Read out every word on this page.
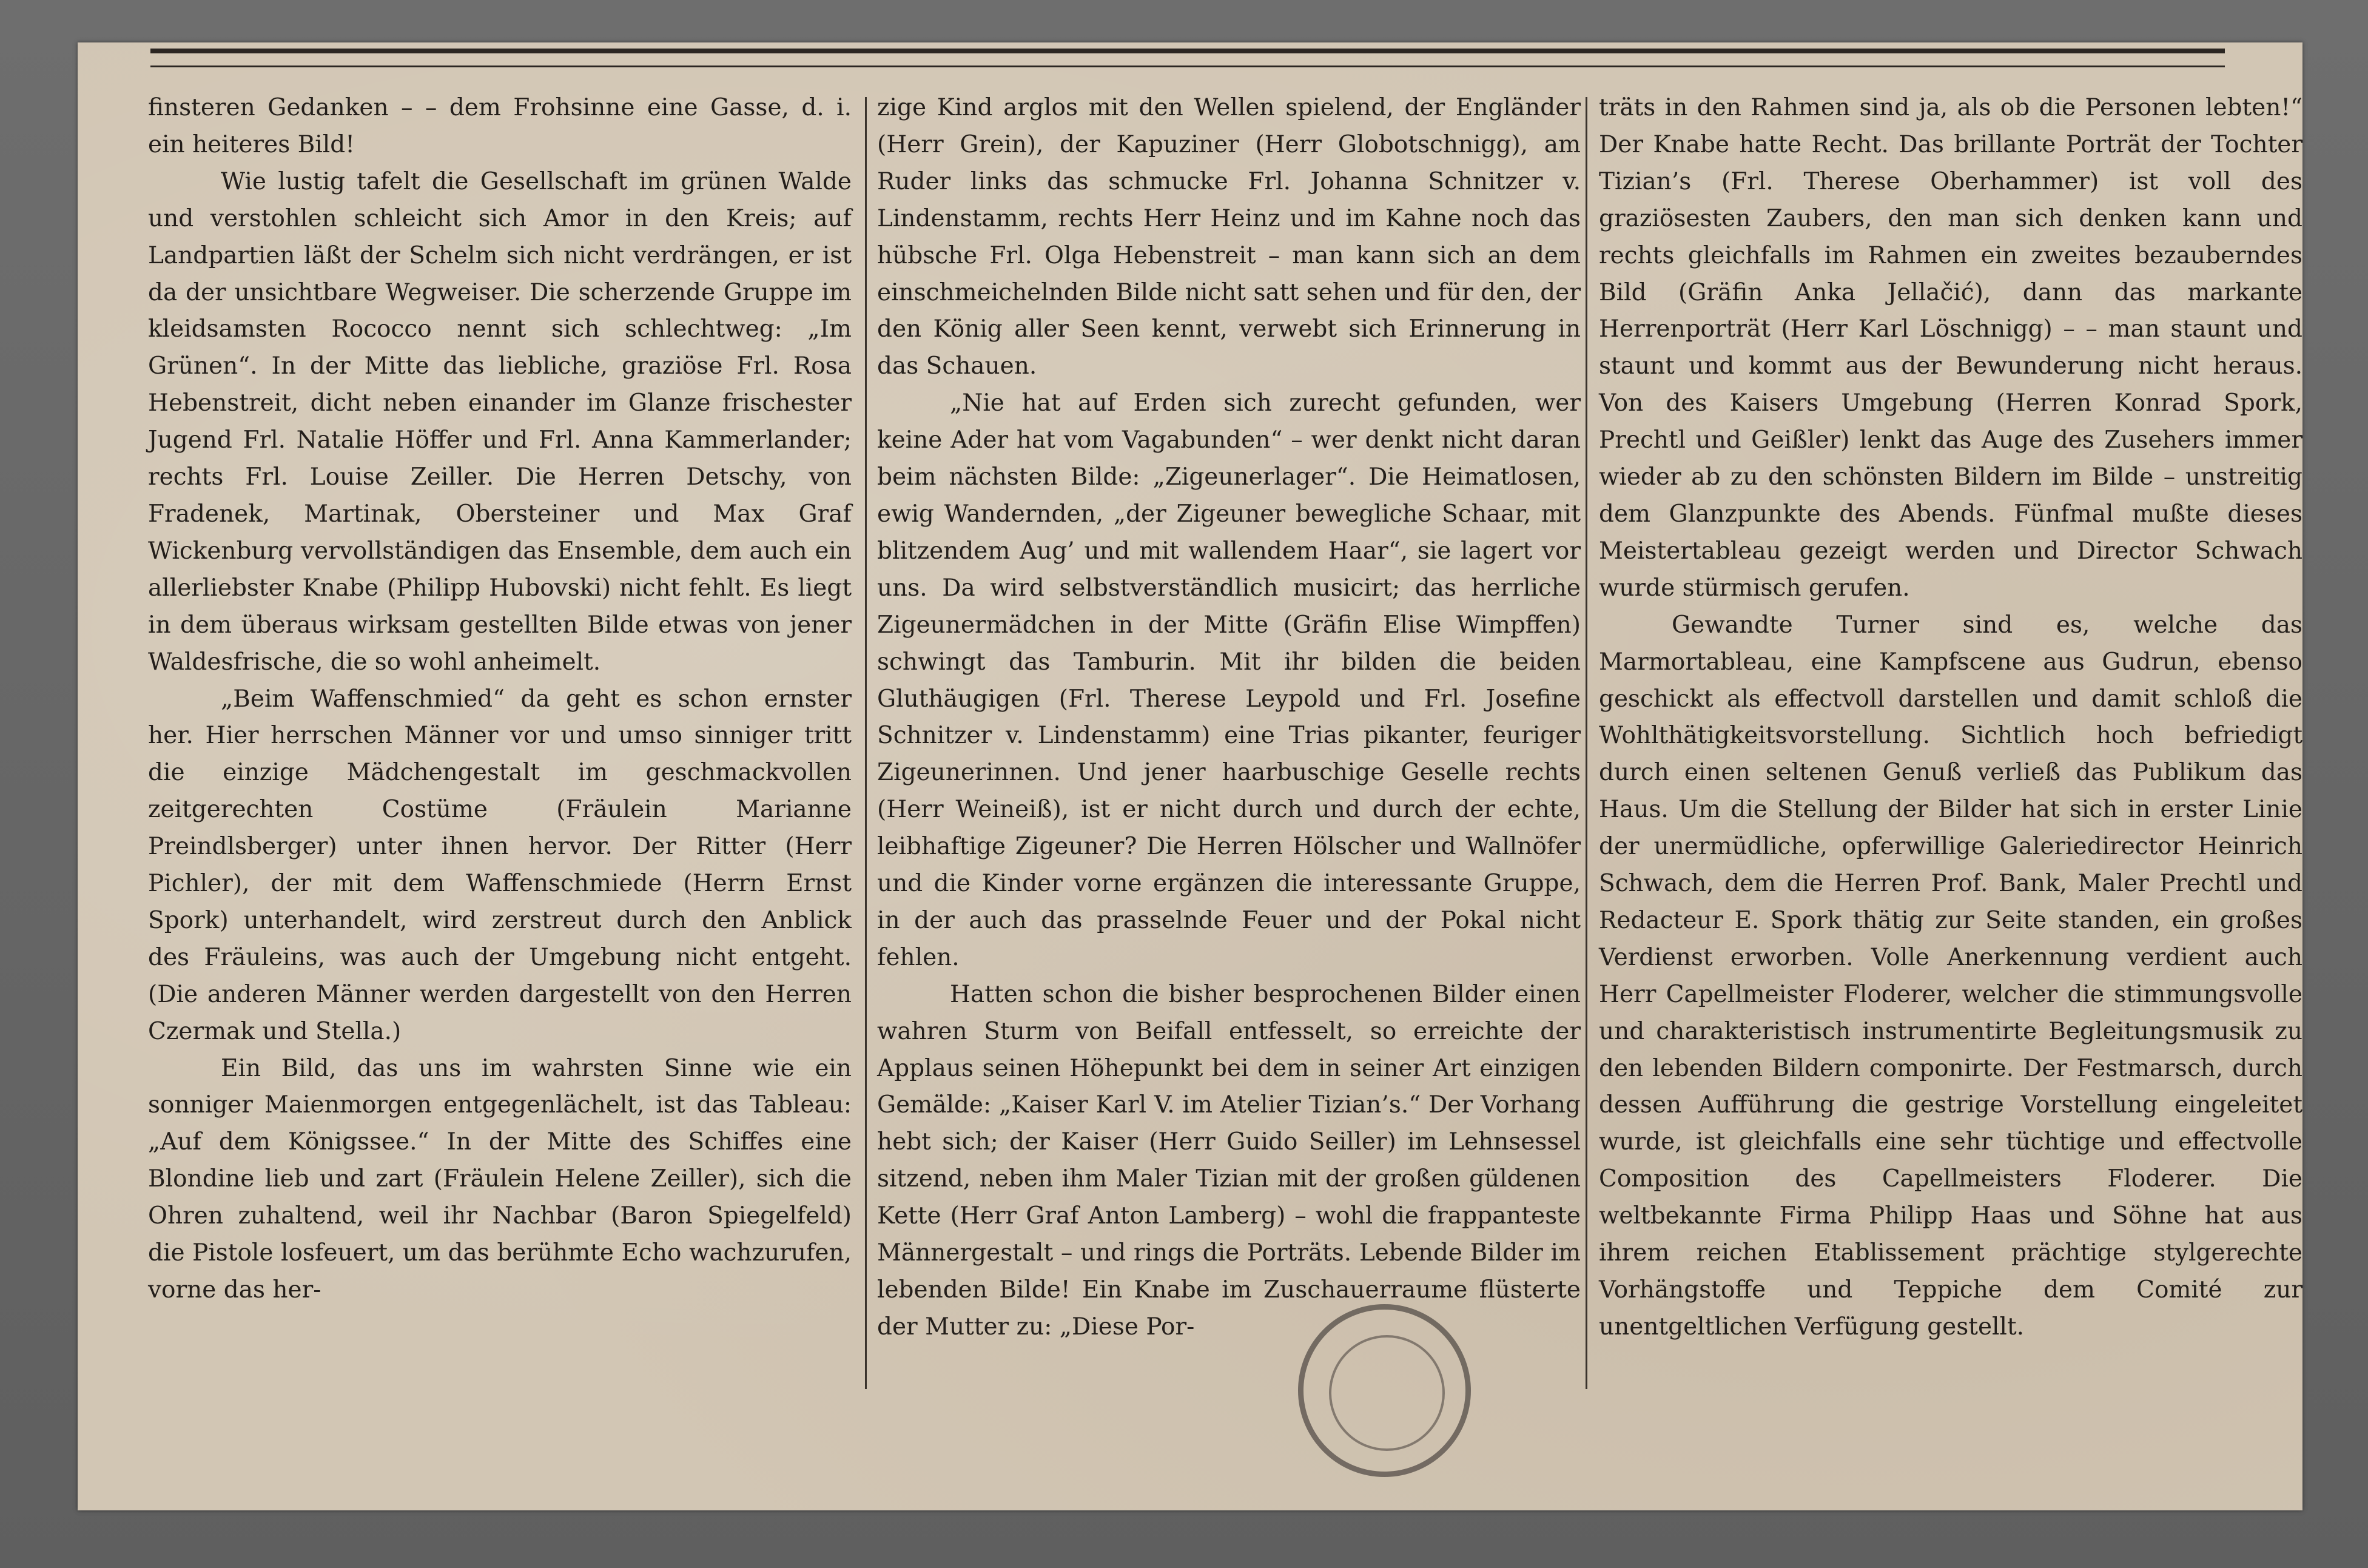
finsteren Gedanken – – dem Frohsinne eine Gasse, d. i. ein heiteres Bild!

Wie lustig tafelt die Gesellschaft im grünen Walde und verstohlen schleicht sich Amor in den Kreis; auf Landpartien läßt der Schelm sich nicht verdrängen, er ist da der unsichtbare Wegweiser. Die scherzende Gruppe im kleidsamsten Rococco nennt sich schlechtweg: „Im Grünen“. In der Mitte das liebliche, graziöse Frl. Rosa Hebenstreit, dicht neben einander im Glanze frischester Jugend Frl. Natalie Höffer und Frl. Anna Kammerlander; rechts Frl. Louise Zeiller. Die Herren Detschy, von Fradenek, Martinak, Obersteiner und Max Graf Wickenburg vervollständigen das Ensemble, dem auch ein allerliebster Knabe (Philipp Hubovski) nicht fehlt. Es liegt in dem überaus wirksam gestellten Bilde etwas von jener Waldesfrische, die so wohl anheimelt.

„Beim Waffenschmied“ da geht es schon ernster her. Hier herrschen Männer vor und umso sinniger tritt die einzige Mädchengestalt im geschmackvollen zeitgerechten Costüme (Fräulein Marianne Preindlsberger) unter ihnen hervor. Der Ritter (Herr Pichler), der mit dem Waffenschmiede (Herrn Ernst Spork) unterhandelt, wird zerstreut durch den Anblick des Fräuleins, was auch der Umgebung nicht entgeht. (Die anderen Männer werden dargestellt von den Herren Czermak und Stella.)

Ein Bild, das uns im wahrsten Sinne wie ein sonniger Maienmorgen entgegenlächelt, ist das Tableau: „Auf dem Königssee.“ In der Mitte des Schiffes eine Blondine lieb und zart (Fräulein Helene Zeiller), sich die Ohren zuhaltend, weil ihr Nachbar (Baron Spiegelfeld) die Pistole losfeuert, um das berühmte Echo wachzurufen, vorne das her-

zige Kind arglos mit den Wellen spielend, der Engländer (Herr Grein), der Kapuziner (Herr Globotschnigg), am Ruder links das schmucke Frl. Johanna Schnitzer v. Lindenstamm, rechts Herr Heinz und im Kahne noch das hübsche Frl. Olga Hebenstreit – man kann sich an dem einschmeichelnden Bilde nicht satt sehen und für den, der den König aller Seen kennt, verwebt sich Erinnerung in das Schauen.

„Nie hat auf Erden sich zurecht gefunden, wer keine Ader hat vom Vagabunden“ – wer denkt nicht daran beim nächsten Bilde: „Zigeunerlager“. Die Heimatlosen, ewig Wandernden, „der Zigeuner bewegliche Schaar, mit blitzendem Aug’ und mit wallendem Haar“, sie lagert vor uns. Da wird selbstverständlich musicirt; das herrliche Zigeunermädchen in der Mitte (Gräfin Elise Wimpffen) schwingt das Tamburin. Mit ihr bilden die beiden Gluthäugigen (Frl. Therese Leypold und Frl. Josefine Schnitzer v. Lindenstamm) eine Trias pikanter, feuriger Zigeunerinnen. Und jener haarbuschige Geselle rechts (Herr Weineiß), ist er nicht durch und durch der echte, leibhaftige Zigeuner? Die Herren Hölscher und Wallnöfer und die Kinder vorne ergänzen die interessante Gruppe, in der auch das prasselnde Feuer und der Pokal nicht fehlen.

Hatten schon die bisher besprochenen Bilder einen wahren Sturm von Beifall entfesselt, so erreichte der Applaus seinen Höhepunkt bei dem in seiner Art einzigen Gemälde: „Kaiser Karl V. im Atelier Tizian’s.“ Der Vorhang hebt sich; der Kaiser (Herr Guido Seiller) im Lehnsessel sitzend, neben ihm Maler Tizian mit der großen güldenen Kette (Herr Graf Anton Lamberg) – wohl die frappanteste Männergestalt – und rings die Porträts. Lebende Bilder im lebenden Bilde! Ein Knabe im Zuschauerraume flüsterte der Mutter zu: „Diese Por-

träts in den Rahmen sind ja, als ob die Personen lebten!“ Der Knabe hatte Recht. Das brillante Porträt der Tochter Tizian’s (Frl. Therese Oberhammer) ist voll des graziösesten Zaubers, den man sich denken kann und rechts gleichfalls im Rahmen ein zweites bezauberndes Bild (Gräfin Anka Jellačić), dann das markante Herrenporträt (Herr Karl Löschnigg) – – man staunt und staunt und kommt aus der Bewunderung nicht heraus. Von des Kaisers Umgebung (Herren Konrad Spork, Prechtl und Geißler) lenkt das Auge des Zusehers immer wieder ab zu den schönsten Bildern im Bilde – unstreitig dem Glanzpunkte des Abends. Fünfmal mußte dieses Meistertableau gezeigt werden und Director Schwach wurde stürmisch gerufen.

Gewandte Turner sind es, welche das Marmortableau, eine Kampfscene aus Gudrun, ebenso geschickt als effectvoll darstellen und damit schloß die Wohlthätigkeitsvorstellung. Sichtlich hoch befriedigt durch einen seltenen Genuß verließ das Publikum das Haus. Um die Stellung der Bilder hat sich in erster Linie der unermüdliche, opferwillige Galeriedirector Heinrich Schwach, dem die Herren Prof. Bank, Maler Prechtl und Redacteur E. Spork thätig zur Seite standen, ein großes Verdienst erworben. Volle Anerkennung verdient auch Herr Capellmeister Floderer, welcher die stimmungsvolle und charakteristisch instrumentirte Begleitungsmusik zu den lebenden Bildern componirte. Der Festmarsch, durch dessen Aufführung die gestrige Vorstellung eingeleitet wurde, ist gleichfalls eine sehr tüchtige und effectvolle Composition des Capellmeisters Floderer. Die weltbekannte Firma Philipp Haas und Söhne hat aus ihrem reichen Etablissement prächtige stylgerechte Vorhängstoffe und Teppiche dem Comité zur unentgeltlichen Verfügung gestellt.
